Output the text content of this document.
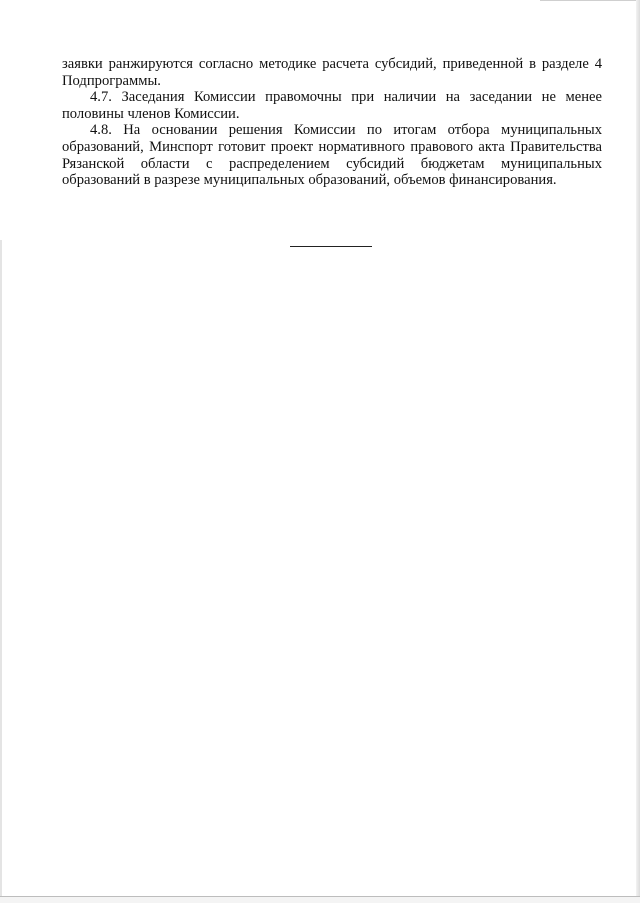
заявки ранжируются согласно методике расчета субсидий, приведенной в разделе 4 Подпрограммы.

4.7. Заседания Комиссии правомочны при наличии на заседании не менее половины членов Комиссии.

4.8. На основании решения Комиссии по итогам отбора муниципальных образований, Минспорт готовит проект нормативного правового акта Правительства Рязанской области с распределением субсидий бюджетам муниципальных образований в разрезе муниципальных образований, объемов финансирования.
